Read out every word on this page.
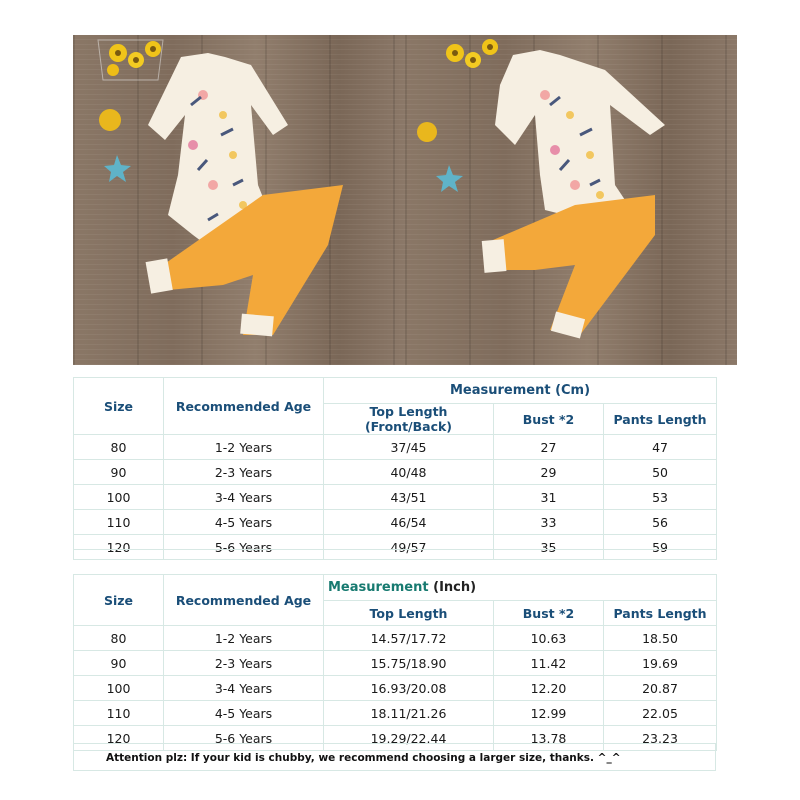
Size	Recommended Age	Measurement (Cm)		
		Top Length (Front/Back)	Bust *2	Pants Length
80	1-2 Years	37/45	27	47
90	2-3 Years	40/48	29	50
100	3-4 Years	43/51	31	53
110	4-5 Years	46/54	33	56
120	5-6 Years	49/57	35	59
Size	Recommended Age	Measurement (Inch)		
		Top Length	Bust *2	Pants Length
80	1-2 Years	14.57/17.72	10.63	18.50
90	2-3 Years	15.75/18.90	11.42	19.69
100	3-4 Years	16.93/20.08	12.20	20.87
110	4-5 Years	18.11/21.26	12.99	22.05
120	5-6 Years	19.29/22.44	13.78	23.23
Attention plz: If your kid is chubby, we recommend choosing a larger size, thanks. ^_^
